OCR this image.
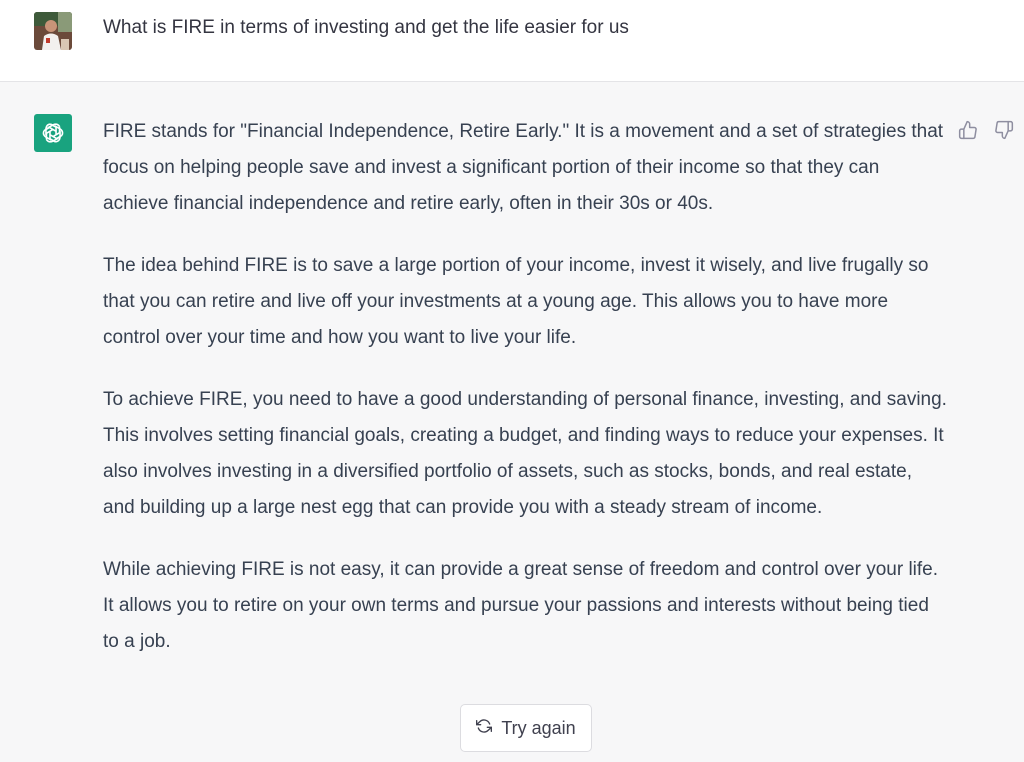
What is FIRE in terms of investing and get the life easier for us

FIRE stands for "Financial Independence, Retire Early." It is a movement and a set of strategies that focus on helping people save and invest a significant portion of their income so that they can achieve financial independence and retire early, often in their 30s or 40s.

The idea behind FIRE is to save a large portion of your income, invest it wisely, and live frugally so that you can retire and live off your investments at a young age. This allows you to have more control over your time and how you want to live your life.

To achieve FIRE, you need to have a good understanding of personal finance, investing, and saving. This involves setting financial goals, creating a budget, and finding ways to reduce your expenses. It also involves investing in a diversified portfolio of assets, such as stocks, bonds, and real estate, and building up a large nest egg that can provide you with a steady stream of income.

While achieving FIRE is not easy, it can provide a great sense of freedom and control over your life. It allows you to retire on your own terms and pursue your passions and interests without being tied to a job.

Try again
